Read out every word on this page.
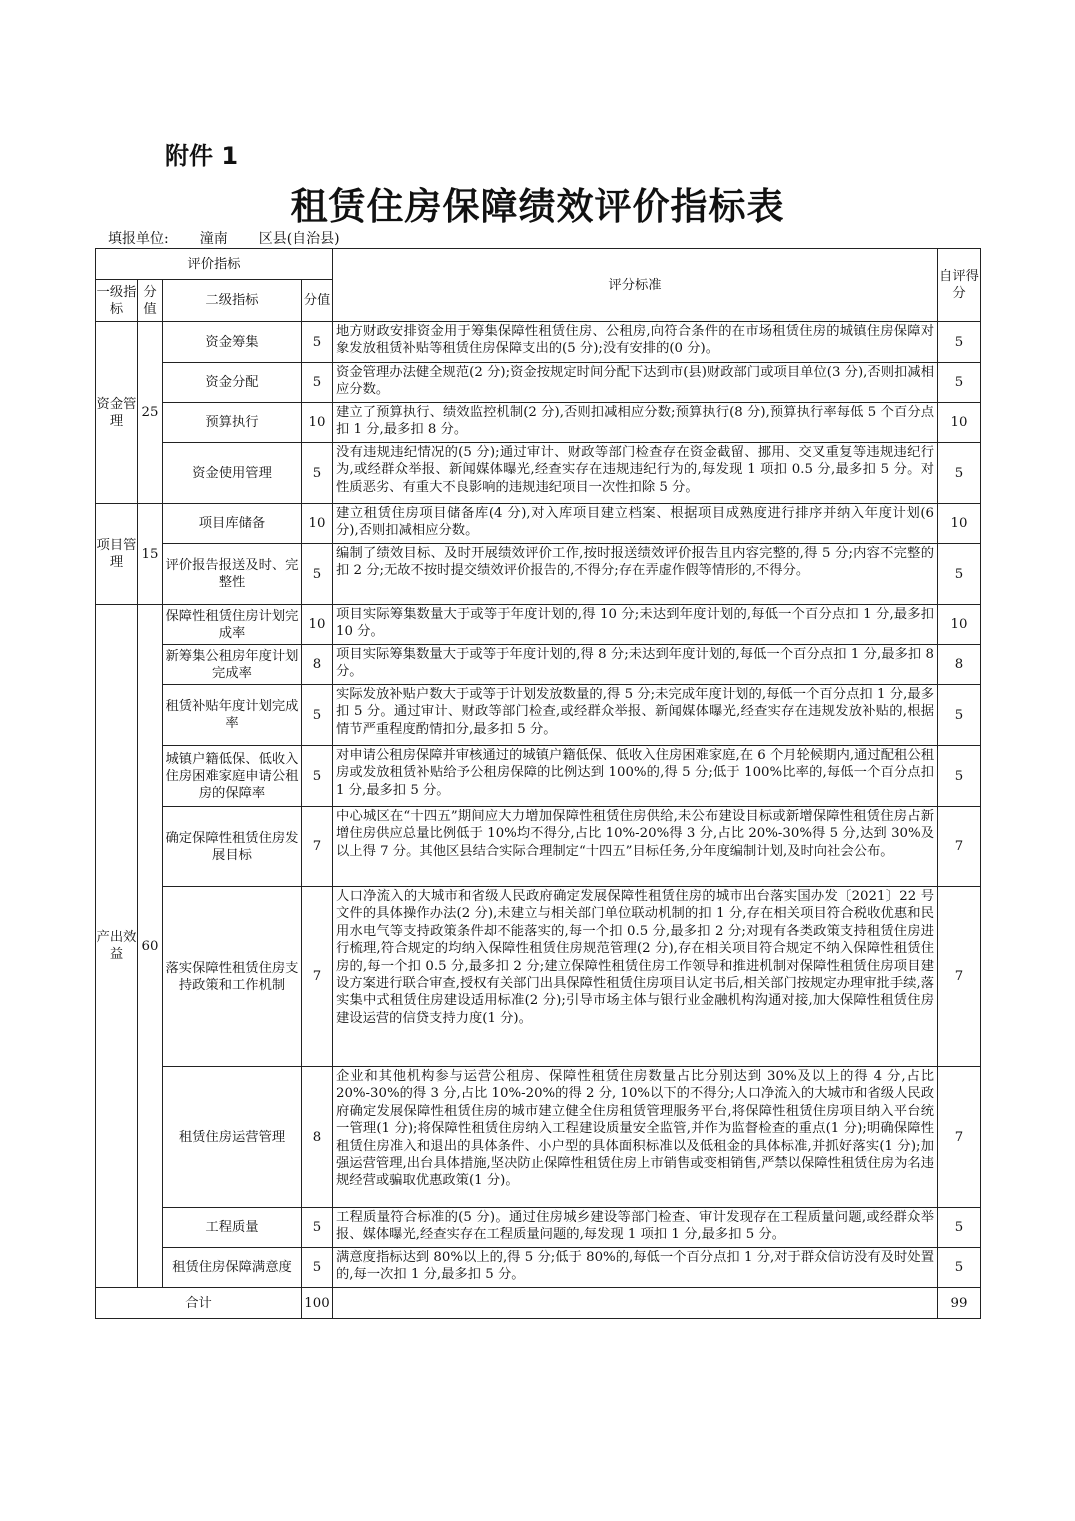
附件 1
租赁住房保障绩效评价指标表
填报单位: 潼南 区县(自治县)
评价指标				评分标准	自评得分
一级指标	分值	二级指标	分值		
资金管理	25	资金筹集	5	地方财政安排资金用于筹集保障性租赁住房、公租房,向符合条件的在市场租赁住房的城镇住房保障对象发放租赁补贴等租赁住房保障支出的(5 分);没有安排的(0 分)。	5
		资金分配	5	资金管理办法健全规范(2 分);资金按规定时间分配下达到市(县)财政部门或项目单位(3 分),否则扣减相应分数。	5
		预算执行	10	建立了预算执行、绩效监控机制(2 分),否则扣减相应分数;预算执行(8 分),预算执行率每低 5 个百分点扣 1 分,最多扣 8 分。	10
		资金使用管理	5	没有违规违纪情况的(5 分);通过审计、财政等部门检查存在资金截留、挪用、交叉重复等违规违纪行为,或经群众举报、新闻媒体曝光,经查实存在违规违纪行为的,每发现 1 项扣 0.5 分,最多扣 5 分。对性质恶劣、有重大不良影响的违规违纪项目一次性扣除 5 分。	5
项目管理	15	项目库储备	10	建立租赁住房项目储备库(4 分),对入库项目建立档案、根据项目成熟度进行排序并纳入年度计划(6 分),否则扣减相应分数。	10
		评价报告报送及时、完整性	5	编制了绩效目标、及时开展绩效评价工作,按时报送绩效评价报告且内容完整的,得 5 分;内容不完整的扣 2 分;无故不按时提交绩效评价报告的,不得分;存在弄虚作假等情形的,不得分。	5
产出效益	60	保障性租赁住房计划完成率	10	项目实际筹集数量大于或等于年度计划的,得 10 分;未达到年度计划的,每低一个百分点扣 1 分,最多扣 10 分。	10
		新筹集公租房年度计划完成率	8	项目实际筹集数量大于或等于年度计划的,得 8 分;未达到年度计划的,每低一个百分点扣 1 分,最多扣 8 分。	8
		租赁补贴年度计划完成率	5	实际发放补贴户数大于或等于计划发放数量的,得 5 分;未完成年度计划的,每低一个百分点扣 1 分,最多扣 5 分。通过审计、财政等部门检查,或经群众举报、新闻媒体曝光,经查实存在违规发放补贴的,根据情节严重程度酌情扣分,最多扣 5 分。	5
		城镇户籍低保、低收入住房困难家庭申请公租房的保障率	5	对申请公租房保障并审核通过的城镇户籍低保、低收入住房困难家庭,在 6 个月轮候期内,通过配租公租房或发放租赁补贴给予公租房保障的比例达到 100%的,得 5 分;低于 100%比率的,每低一个百分点扣 1 分,最多扣 5 分。	5
		确定保障性租赁住房发展目标	7	中心城区在“十四五”期间应大力增加保障性租赁住房供给,未公布建设目标或新增保障性租赁住房占新增住房供应总量比例低于 10%均不得分,占比 10%-20%得 3 分,占比 20%-30%得 5 分,达到 30%及以上得 7 分。其他区县结合实际合理制定“十四五”目标任务,分年度编制计划,及时向社会公布。	7
		落实保障性租赁住房支持政策和工作机制	7	人口净流入的大城市和省级人民政府确定发展保障性租赁住房的城市出台落实国办发〔2021〕22 号文件的具体操作办法(2 分),未建立与相关部门单位联动机制的扣 1 分,存在相关项目符合税收优惠和民用水电气等支持政策条件却不能落实的,每一个扣 0.5 分,最多扣 2 分;对现有各类政策支持租赁住房进行梳理,符合规定的均纳入保障性租赁住房规范管理(2 分),存在相关项目符合规定不纳入保障性租赁住房的,每一个扣 0.5 分,最多扣 2 分;建立保障性租赁住房工作领导和推进机制对保障性租赁住房项目建设方案进行联合审查,授权有关部门出具保障性租赁住房项目认定书后,相关部门按规定办理审批手续,落实集中式租赁住房建设适用标准(2 分);引导市场主体与银行业金融机构沟通对接,加大保障性租赁住房建设运营的信贷支持力度(1 分)。	7
		租赁住房运营管理	8	企业和其他机构参与运营公租房、保障性租赁住房数量占比分别达到 30%及以上的得 4 分,占比 20%-30%的得 3 分,占比 10%-20%的得 2 分, 10%以下的不得分;人口净流入的大城市和省级人民政府确定发展保障性租赁住房的城市建立健全住房租赁管理服务平台,将保障性租赁住房项目纳入平台统一管理(1 分);将保障性租赁住房纳入工程建设质量安全监管,并作为监督检查的重点(1 分);明确保障性租赁住房准入和退出的具体条件、小户型的具体面积标准以及低租金的具体标准,并抓好落实(1 分);加强运营管理,出台具体措施,坚决防止保障性租赁住房上市销售或变相销售,严禁以保障性租赁住房为名违规经营或骗取优惠政策(1 分)。	7
		工程质量	5	工程质量符合标准的(5 分)。通过住房城乡建设等部门检查、审计发现存在工程质量问题,或经群众举报、媒体曝光,经查实存在工程质量问题的,每发现 1 项扣 1 分,最多扣 5 分。	5
		租赁住房保障满意度	5	满意度指标达到 80%以上的,得 5 分;低于 80%的,每低一个百分点扣 1 分,对于群众信访没有及时处置的,每一次扣 1 分,最多扣 5 分。	5
合计			100		99
